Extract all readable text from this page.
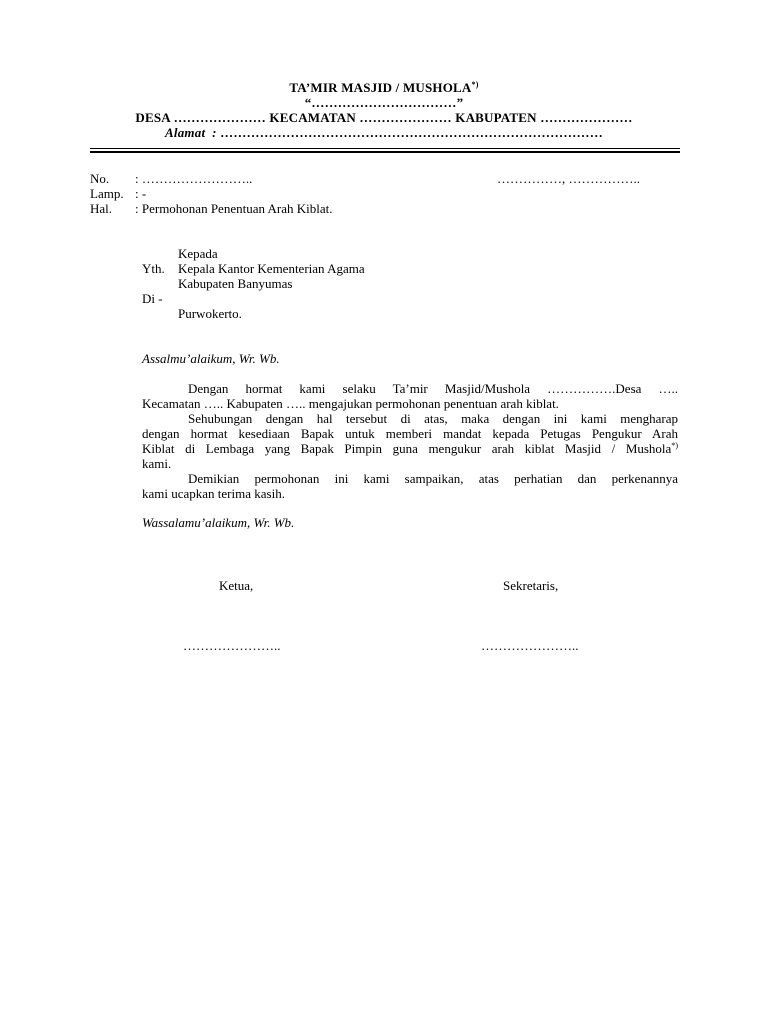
TA’MIR MASJID / MUSHOLA*)
“……………………………”
DESA ………………… KECAMATAN ………………… KABUPATEN …………………
Alamat  : ……………………………………………………………………………
No. : ……………………..	……………, ……………..
Lamp. : -
Hal. : Permohonan Penentuan Arah Kiblat.
Kepada
Yth. Kepala Kantor Kementerian Agama
Kabupaten Banyumas
Di -
Purwokerto.
Assalmu’alaikum, Wr. Wb.

Dengan hormat kami selaku Ta’mir Masjid/Mushola …………….Desa …..

Kecamatan ….. Kabupaten ….. mengajukan permohonan penentuan arah kiblat.

Sehubungan dengan hal tersebut di atas, maka dengan ini kami mengharap

dengan hormat kesediaan Bapak untuk memberi mandat kepada Petugas Pengukur Arah

Kiblat di Lembaga yang Bapak Pimpin guna mengukur arah kiblat Masjid / Mushola*)

kami.

Demikian permohonan ini kami sampaikan, atas perhatian dan perkenannya

kami ucapkan terima kasih.

Wassalamu’alaikum, Wr. Wb.
Ketua,	Sekretaris,
…………………..	…………………..
